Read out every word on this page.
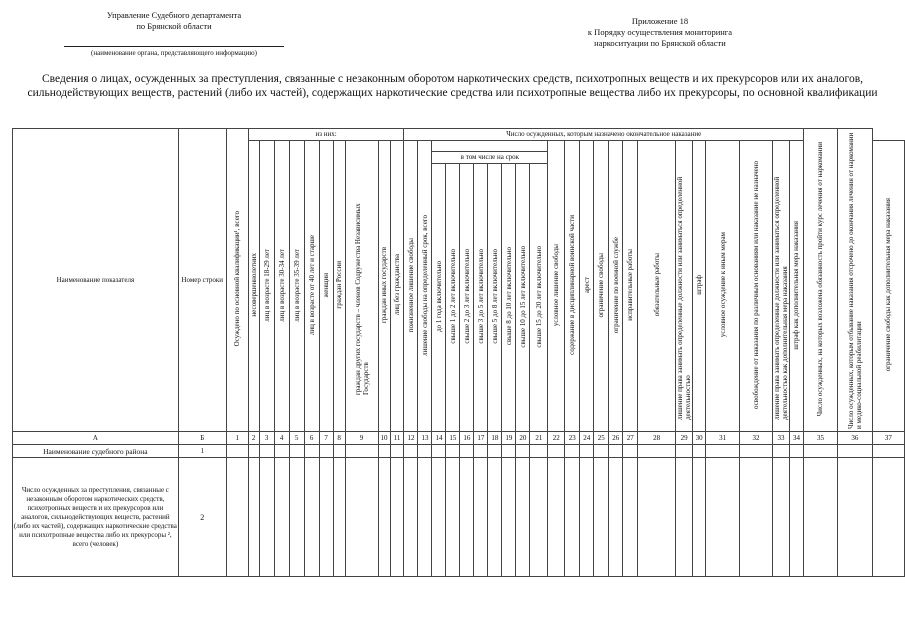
Управление Судебного департамента
по Брянской области
(наименование органа, представляющего информацию)
Приложение 18
к Порядку осуществления мониторинга
наркоситуации по Брянской области
Сведения о лицах, осужденных за преступления, связанные с незаконным оборотом наркотических средств, психотропных веществ и их прекурсоров или их аналогов, сильнодействующих веществ, растений (либо их частей), содержащих наркотические средства или психотропные вещества либо их прекурсоры, по основной квалификации
Наименование показателя	Номер строки	Осуждено по основной квалификации¹, всего	из них:										Число осужденных, которым назначено окончательное наказание																							Число осужденных, на которых возложена обязанность пройти курс лечения от наркомании	Число осужденных, которым отбывание наказания отсрочено до окончания лечения от наркомании и медико-социальной реабилитации	
			несовершеннолетних	лиц в возрасте 18-29 лет	лиц в возрасте 30-34 лет	лиц в возрасте 35-39 лет	лиц в возрасте от 40 лет и старше	женщин	граждан России	граждан других государств – членов Содружества Независимых Государств	граждан иных государств	лиц без гражданства	пожизненное лишение свободы	лишение свободы на определенный срок, всего									условное лишение свободы	содержание в дисциплинарной воинской части	арест	ограничение свободы	ограничение по военной службе	исправительные работы	обязательные работы	лишение права занимать определенные должности или заниматься определенной деятельностью	штраф	условное осуждение к иным мерам	освобождение от наказания по различным основаниям или наказание не назначено	лишение права занимать определенные должности или заниматься определенной деятельностью как дополнительная мера наказания	штраф как дополнительная мера наказания			ограничение свободы как дополнительная мера наказания
															в том числе на срок																							
															до 1 года включительно	свыше 1 до 2 лет включительно	свыше 2 до 3 лет включительно	свыше 3 до 5 лет включительно	свыше 5 до 8 лет включительно	свыше 8 до 10 лет включительно	свыше 10 до 15 лет включительно	свыше 15 до 20 лет включительно																
А	Б	1	2	3	4	5	6	7	8	9	10	11	12	13	14	15	16	17	18	19	20	21	22	23	24	25	26	27	28	29	30	31	32	33	34	35	36	37
Наименование судебного района	1																																					
Число осужденных за преступления, связанные с незаконным оборотом наркотических средств, психотропных веществ и их прекурсоров или аналогов, сильнодействующих веществ, растений (либо их частей), содержащих наркотические средства или психотропные вещества либо их прекурсоры ², всего (человек)	2																																					
